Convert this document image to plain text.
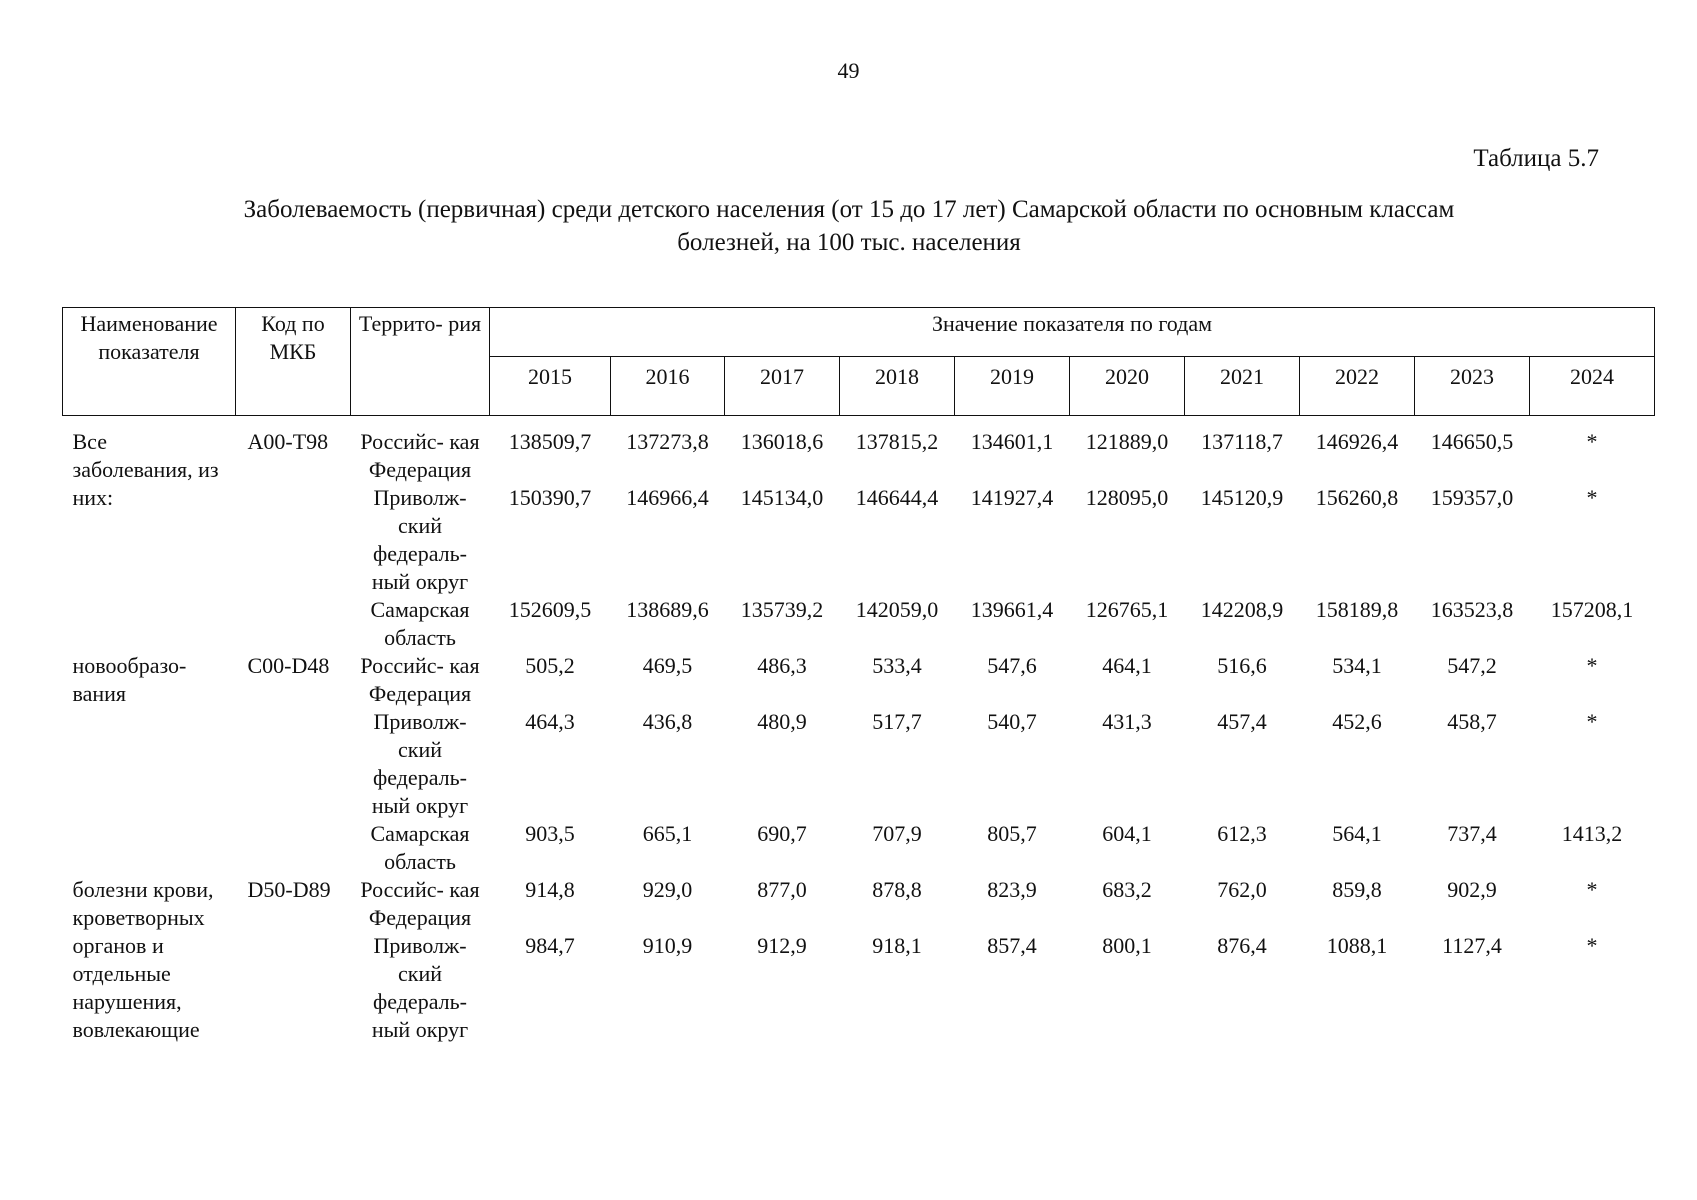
49
Таблица 5.7
Заболеваемость (первичная) среди детского населения (от 15 до 17 лет) Самарской области по основным классам
болезней, на 100 тыс. населения
Наименование показателя	Код по МКБ	Террито- рия	Значение показателя по годам									
			2015	2016	2017	2018	2019	2020	2021	2022	2023	2024
Все заболевания, из них:	A00-T98	Российс- кая Федерация	138509,7	137273,8	136018,6	137815,2	134601,1	121889,0	137118,7	146926,4	146650,5	*
		Приволж- ский федераль- ный округ	150390,7	146966,4	145134,0	146644,4	141927,4	128095,0	145120,9	156260,8	159357,0	*
		Самарская область	152609,5	138689,6	135739,2	142059,0	139661,4	126765,1	142208,9	158189,8	163523,8	157208,1
новообразо- вания	C00-D48	Российс- кая Федерация	505,2	469,5	486,3	533,4	547,6	464,1	516,6	534,1	547,2	*
		Приволж- ский федераль- ный округ	464,3	436,8	480,9	517,7	540,7	431,3	457,4	452,6	458,7	*
		Самарская область	903,5	665,1	690,7	707,9	805,7	604,1	612,3	564,1	737,4	1413,2
болезни крови, кроветворных органов и отдельные нарушения, вовлекающие	D50-D89	Российс- кая Федерация	914,8	929,0	877,0	878,8	823,9	683,2	762,0	859,8	902,9	*
		Приволж- ский федераль- ный округ	984,7	910,9	912,9	918,1	857,4	800,1	876,4	1088,1	1127,4	*
